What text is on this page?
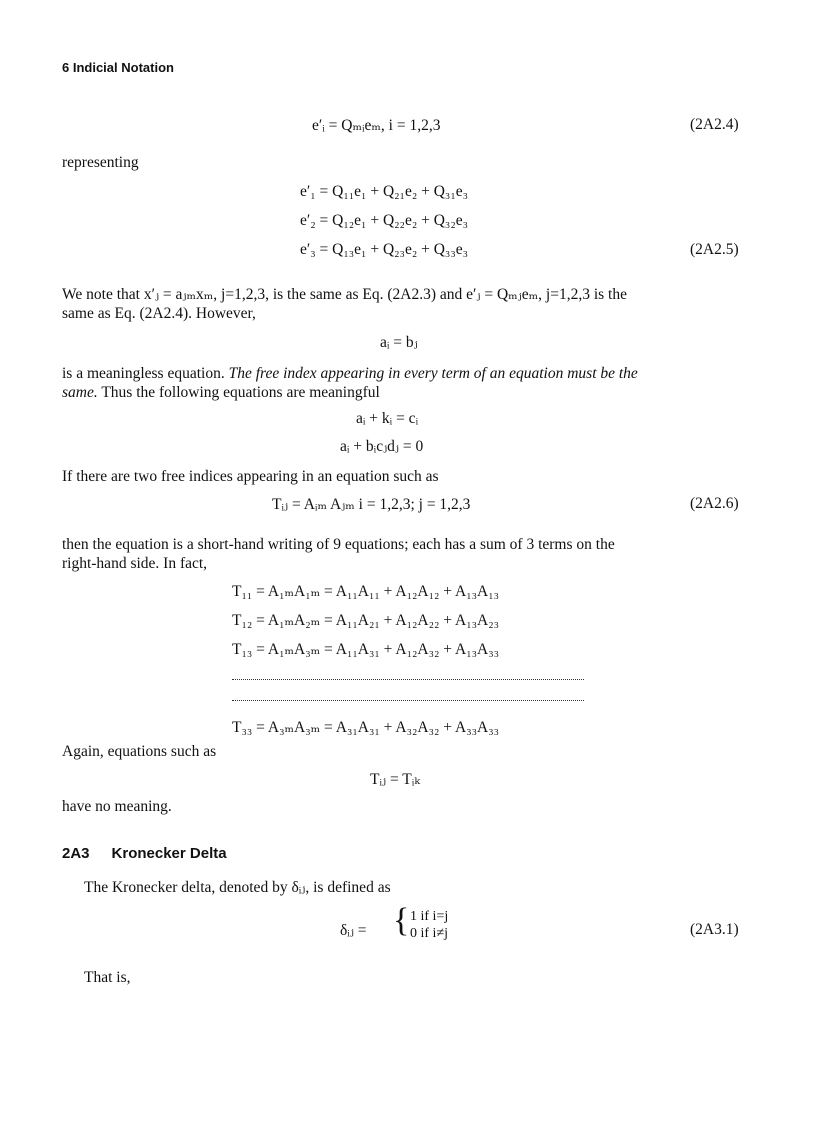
6 Indicial Notation
e′ᵢ = Qₘᵢeₘ, i = 1,2,3	(2A2.4)
representing
e′₁ = Q₁₁e₁ + Q₂₁e₂ + Q₃₁e₃
e′₂ = Q₁₂e₁ + Q₂₂e₂ + Q₃₂e₃
e′₃ = Q₁₃e₁ + Q₂₃e₂ + Q₃₃e₃	(2A2.5)
We note that x′ⱼ = aⱼₘxₘ, j=1,2,3, is the same as Eq. (2A2.3) and e′ⱼ = Qₘⱼeₘ, j=1,2,3 is the
same as Eq. (2A2.4). However,
aᵢ = bⱼ
is a meaningless equation. The free index appearing in every term of an equation must be the
same. Thus the following equations are meaningful
aᵢ + kᵢ = cᵢ
aᵢ + bᵢcⱼdⱼ = 0
If there are two free indices appearing in an equation such as
Tᵢⱼ = Aᵢₘ Aⱼₘ i = 1,2,3; j = 1,2,3	(2A2.6)
then the equation is a short-hand writing of 9 equations; each has a sum of 3 terms on the
right-hand side. In fact,
T₁₁ = A₁ₘA₁ₘ = A₁₁A₁₁ + A₁₂A₁₂ + A₁₃A₁₃
T₁₂ = A₁ₘA₂ₘ = A₁₁A₂₁ + A₁₂A₂₂ + A₁₃A₂₃
T₁₃ = A₁ₘA₃ₘ = A₁₁A₃₁ + A₁₂A₃₂ + A₁₃A₃₃
T₃₃ = A₃ₘA₃ₘ = A₃₁A₃₁ + A₃₂A₃₂ + A₃₃A₃₃
Again, equations such as
Tᵢⱼ = Tᵢₖ
have no meaning.
2A3 Kronecker Delta
The Kronecker delta, denoted by δᵢⱼ, is defined as
δᵢⱼ = { 1 if i=j
0 if i≠j	(2A3.1)
That is,
